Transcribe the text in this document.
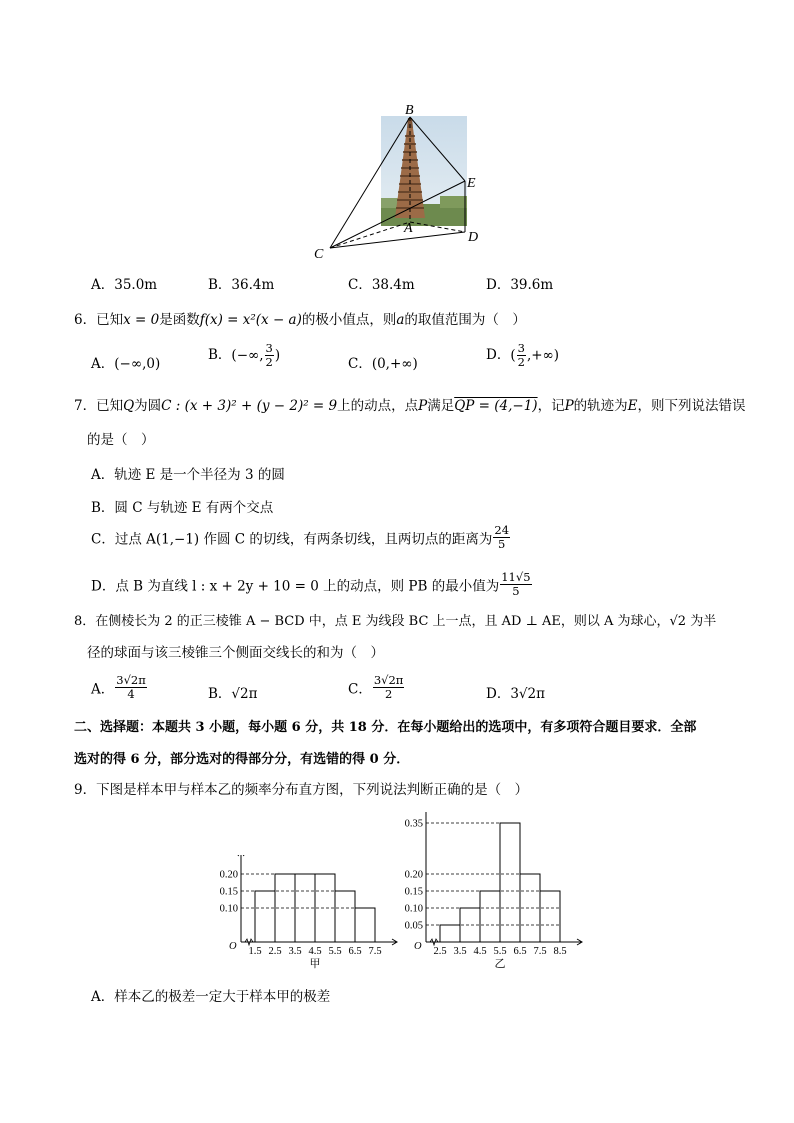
B
E
A
C
D
A．35.0m	B．36.4m	C．38.4m	D．39.6m
6．已知x = 0是函数f(x) = x²(x − a)的极小值点，则a的取值范围为（　）
A．(−∞,0)
B．(−∞, $\frac{3}{2}$ )
C．(0,+∞)
D．( $\frac{3}{2}$ ,+∞)
7．已知Q为圆C : (x + 3)² + (y − 2)² = 9上的动点，点P满足QP = (4,−1)，记P的轨迹为E，则下列说法错误
的是（　）
A．轨迹 E 是一个半径为 3 的圆
B．圆 C 与轨迹 E 有两个交点
C．过点 A(1,−1) 作圆 C 的切线，有两条切线，且两切点的距离为 $\frac{24}{5}$
D．点 B 为直线 l : x + 2y + 10 = 0 上的动点，则 PB 的最小值为 $\frac{11√5}{5}$
8．在侧棱长为 2 的正三棱锥 A − BCD 中，点 E 为线段 BC 上一点，且 AD ⊥ AE，则以 A 为球心，√2 为半
径的球面与该三棱锥三个侧面交线长的和为（　）
A． $\frac{3√2\pi}{4}$	B．√2π	C． $\frac{3√2\pi}{2}$	D．3√2π
二、选择题：本题共 3 小题，每小题 6 分，共 18 分．在每小题给出的选项中，有多项符合题目要求．全部
选对的得 6 分，部分选对的得部分分，有选错的得 0 分．
9．下图是样本甲与样本乙的频率分布直方图，下列说法判断正确的是（　）
O
0.20
0.15
0.10
1.5 2.5 3.5 4.5 5.5 6.5 7.5
甲
O
0.35
0.20
0.15
0.10
0.05
2.5 3.5 4.5 5.5 6.5 7.5 8.5
乙
A．样本乙的极差一定大于样本甲的极差
